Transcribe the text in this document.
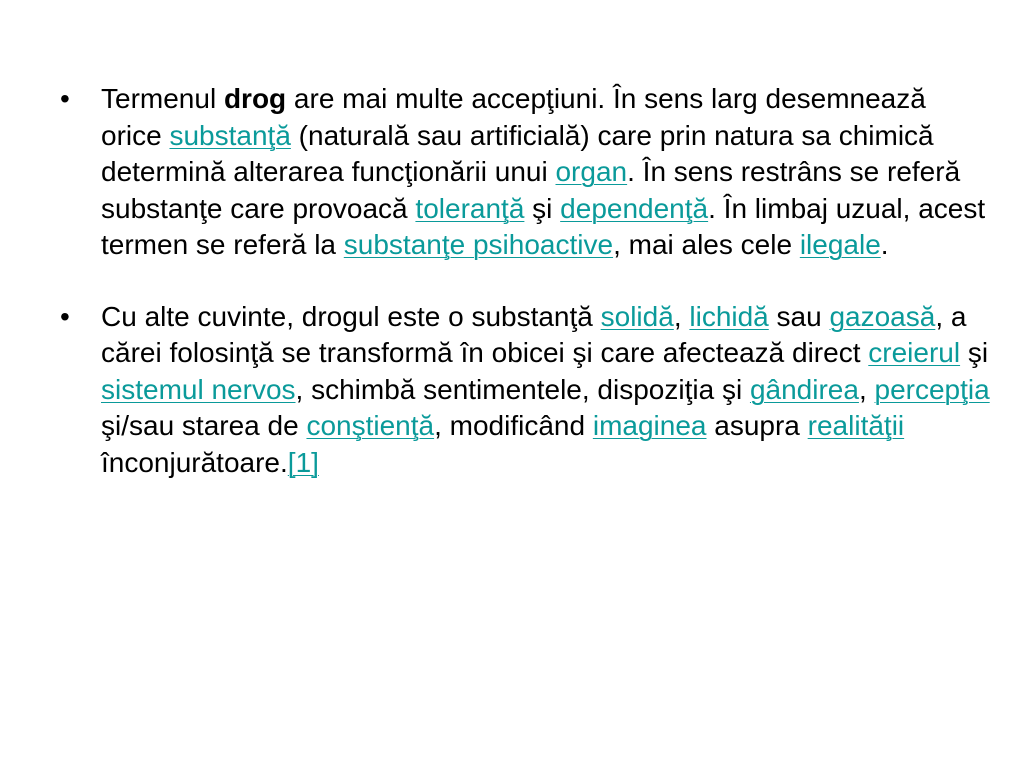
•	Termenul drog are mai multe accepţiuni. În sens larg desemnează orice substanţă (naturală sau artificială) care prin natura sa chimică determină alterarea funcţionării unui organ. În sens restrâns se referă substanţe care provoacă toleranţă şi dependenţă. În limbaj uzual, acest termen se referă la substanţe psihoactive, mai ales cele ilegale.
•	Cu alte cuvinte, drogul este o substanţă solidă, lichidă sau gazoasă, a cărei folosinţă se transformă în obicei şi care afectează direct creierul şi sistemul nervos, schimbă sentimentele, dispoziţia şi gândirea, percepţia şi/sau starea de conştienţă, modificând imaginea asupra realităţii înconjurătoare.[1]
